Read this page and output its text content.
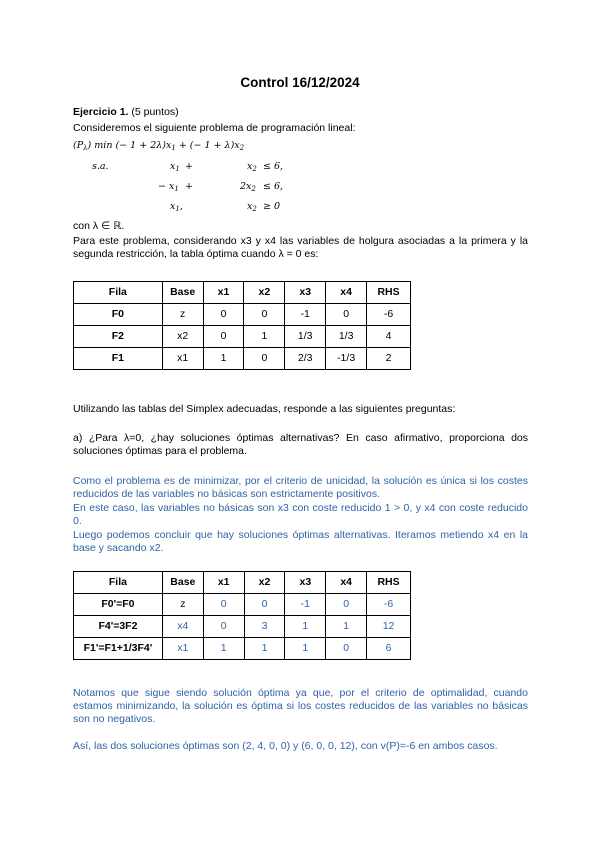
Control 16/12/2024
Ejercicio 1. (5 puntos)
Consideremos el siguiente problema de programación lineal:
$(P_\lambda)$ min (− $1 + 2\lambda)x_1$ + (− $1 + \lambda)x_2$
s.a.	$x_1$ +	$x_2 \le 6$,
− $x_1$ +	$2x_2 \le 6$,
$x_1$,	$x_2 \ge 0$
con λ ∈ ℝ.
Para este problema, considerando x3 y x4 las variables de holgura asociadas a la primera y la segunda restricción, la tabla óptima cuando λ = 0 es:
Fila	Base	x1	x2	x3	x4	RHS
F0	z	0	0	-1	0	-6
F2	x2	0	1	1/3	1/3	4
F1	x1	1	0	2/3	-1/3	2
Utilizando las tablas del Simplex adecuadas, responde a las siguientes preguntas:
a) ¿Para λ=0, ¿hay soluciones óptimas alternativas? En caso afirmativo, proporciona dos soluciones óptimas para el problema.
Como el problema es de minimizar, por el criterio de unicidad, la solución es única si los costes reducidos de las variables no básicas son estrictamente positivos.
En este caso, las variables no básicas son x3 con coste reducido 1 > 0, y x4 con coste reducido 0.
Luego podemos concluir que hay soluciones óptimas alternativas. Iteramos metiendo x4 en la base y sacando x2.
Fila	Base	x1	x2	x3	x4	RHS
F0'=F0	z	0	0	-1	0	-6
F4'=3F2	x4	0	3	1	1	12
F1'=F1+1/3F4'	x1	1	1	1	0	6
Notamos que sigue siendo solución óptima ya que, por el criterio de optimalidad, cuando estamos minimizando, la solución es óptima si los costes reducidos de las variables no básicas son no negativos.
Así, las dos soluciones óptimas son (2, 4, 0, 0) y (6, 0, 0, 12), con v(P)=-6 en ambos casos.
